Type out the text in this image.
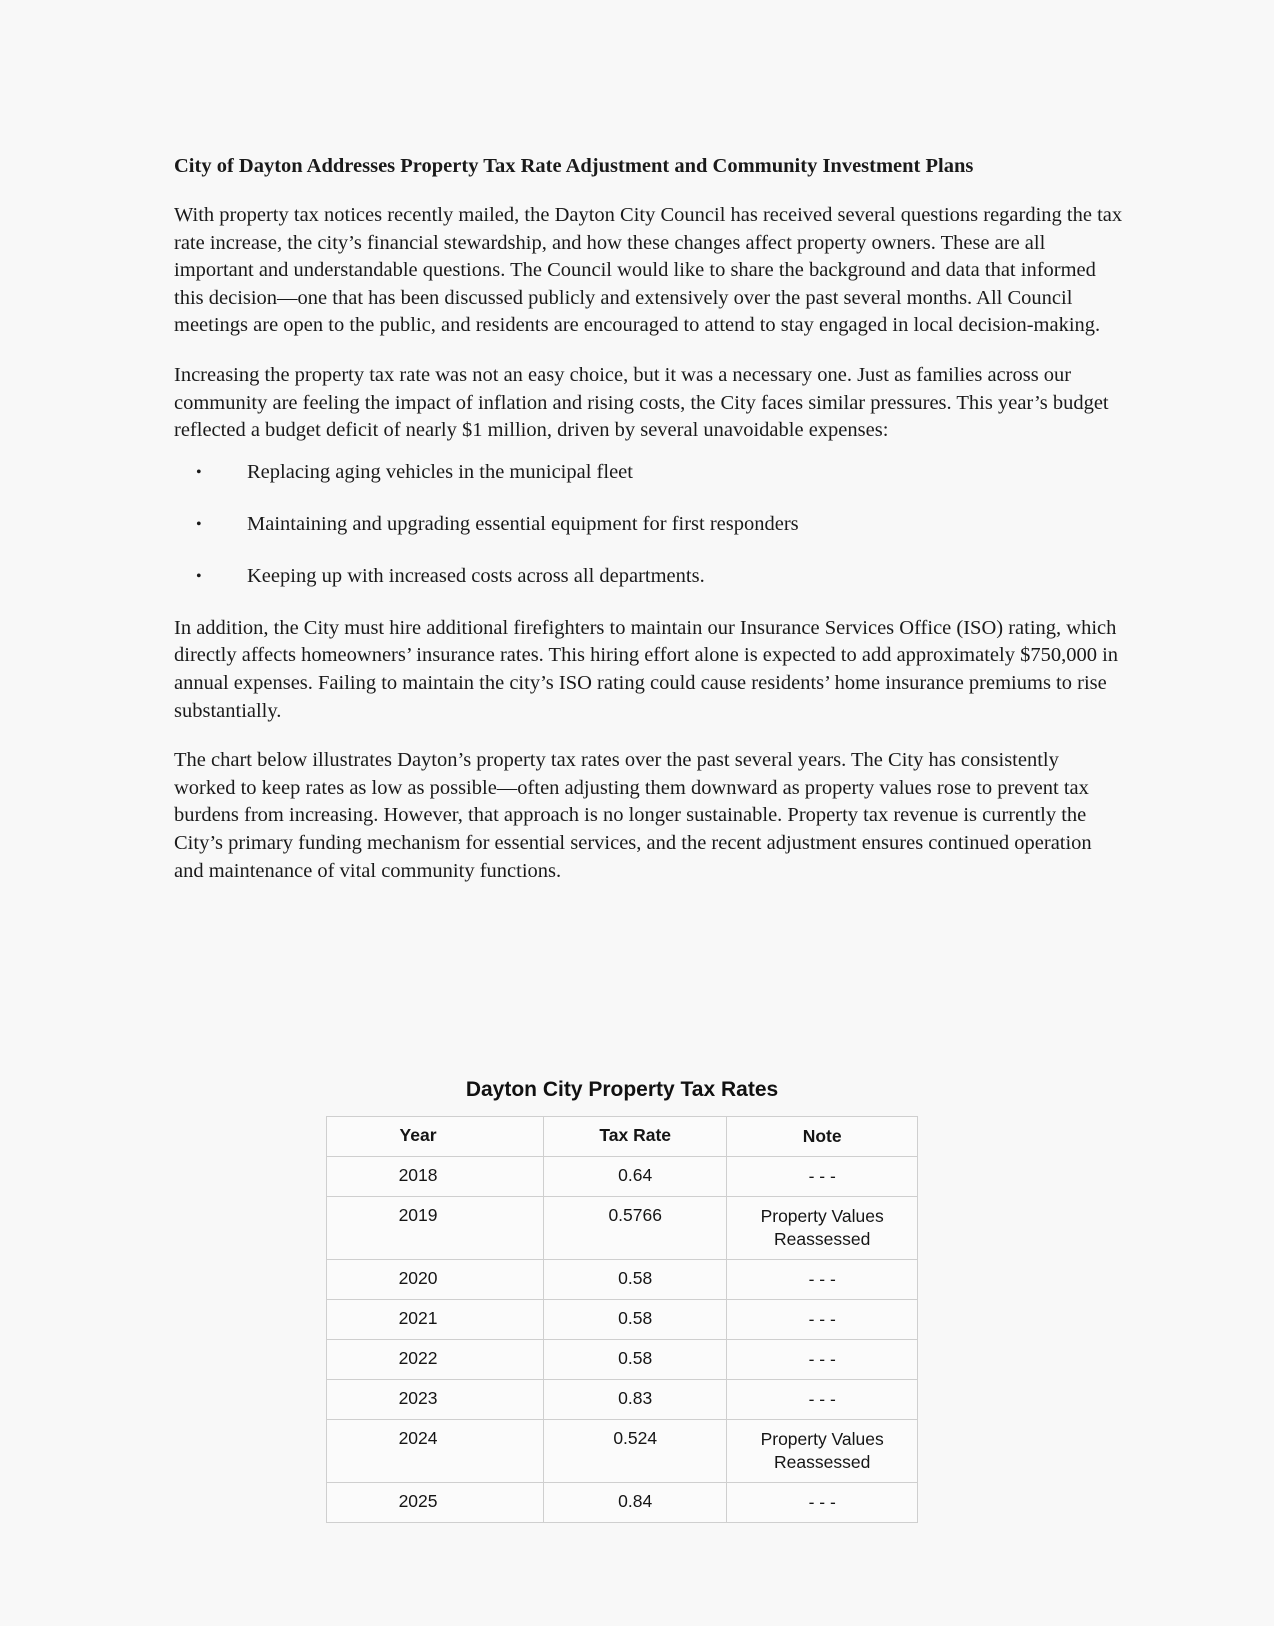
City of Dayton Addresses Property Tax Rate Adjustment and Community Investment Plans

With property tax notices recently mailed, the Dayton City Council has received several questions regarding the tax rate increase, the city’s financial stewardship, and how these changes affect property owners. These are all important and understandable questions. The Council would like to share the background and data that informed this decision—one that has been discussed publicly and extensively over the past several months. All Council meetings are open to the public, and residents are encouraged to attend to stay engaged in local decision-making.

Increasing the property tax rate was not an easy choice, but it was a necessary one. Just as families across our community are feeling the impact of inflation and rising costs, the City faces similar pressures. This year’s budget reflected a budget deficit of nearly $1 million, driven by several unavoidable expenses:

• Replacing aging vehicles in the municipal fleet
• Maintaining and upgrading essential equipment for first responders
• Keeping up with increased costs across all departments.

In addition, the City must hire additional firefighters to maintain our Insurance Services Office (ISO) rating, which directly affects homeowners’ insurance rates. This hiring effort alone is expected to add approximately $750,000 in annual expenses. Failing to maintain the city’s ISO rating could cause residents’ home insurance premiums to rise substantially.

The chart below illustrates Dayton’s property tax rates over the past several years. The City has consistently worked to keep rates as low as possible—often adjusting them downward as property values rose to prevent tax burdens from increasing. However, that approach is no longer sustainable. Property tax revenue is currently the City’s primary funding mechanism for essential services, and the recent adjustment ensures continued operation and maintenance of vital community functions.

Dayton City Property Tax Rates
Year	Tax Rate	Note
2018	0.64	- - -
2019	0.5766	Property Values Reassessed
2020	0.58	- - -
2021	0.58	- - -
2022	0.58	- - -
2023	0.83	- - -
2024	0.524	Property Values Reassessed
2025	0.84	- - -
